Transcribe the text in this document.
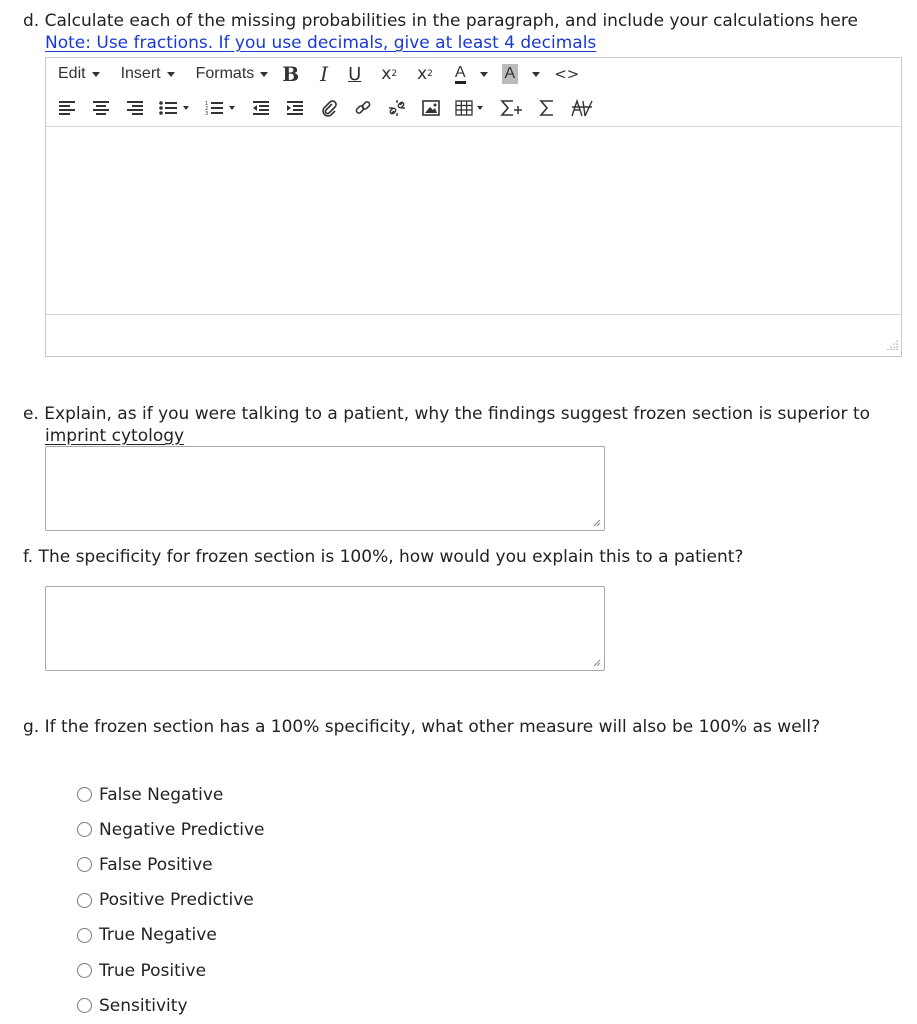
d. Calculate each of the missing probabilities in the paragraph, and include your calculations here
Note: Use fractions. If you use decimals, give at least 4 decimals
Edit Insert Formats B I U x 2 x 2 A A	<>
1
2
3
e. Explain, as if you were talking to a patient, why the findings suggest frozen section is superior to
imprint cytology
f. The specificity for frozen section is 100%, how would you explain this to a patient?
g. If the frozen section has a 100% specificity, what other measure will also be 100% as well?
False Negative
Negative Predictive
False Positive
Positive Predictive
True Negative
True Positive
Sensitivity
